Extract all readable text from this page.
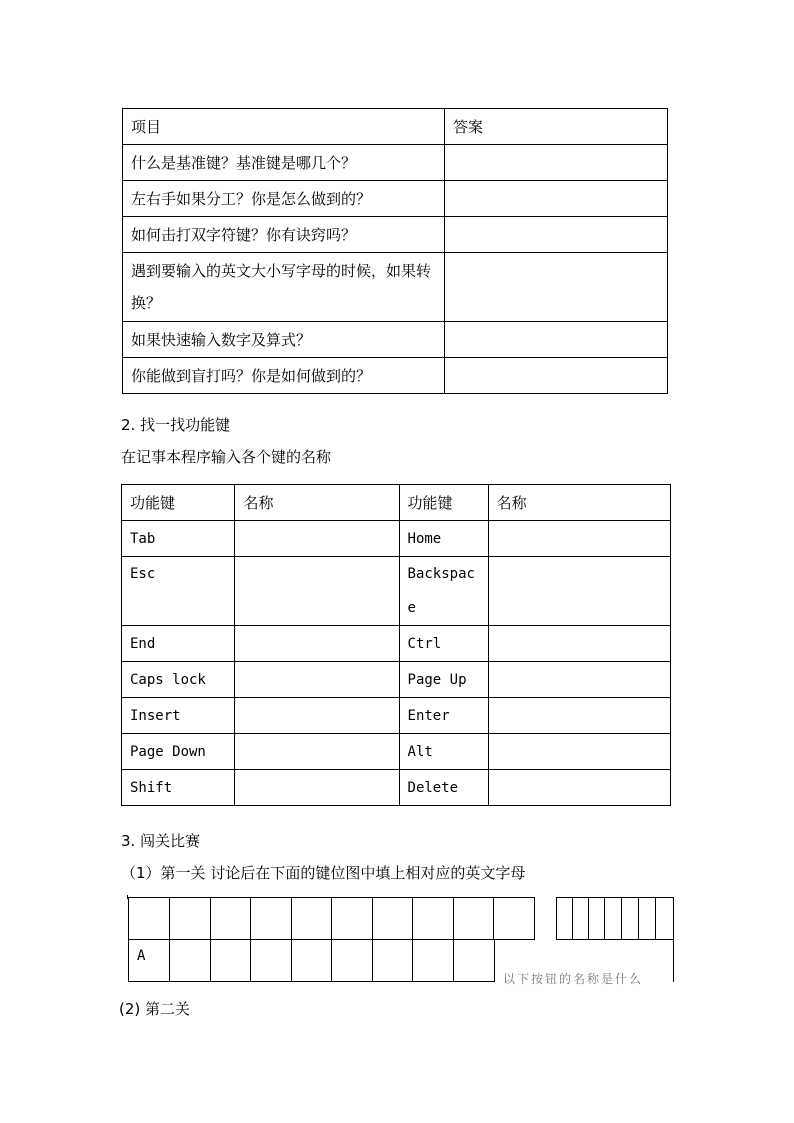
项目	答案
什么是基准键？基准键是哪几个？	
左右手如果分工？你是怎么做到的？	
如何击打双字符键？你有诀窍吗？	
遇到要输入的英文大小写字母的时候，如果转换？	
如果快速输入数字及算式？	
你能做到盲打吗？你是如何做到的？	
2. 找一找功能键
在记事本程序输入各个键的名称
功能键	名称	功能键	名称
Tab		Home	
Esc		Backspac
e	
End		Ctrl	
Caps lock		Page Up	
Insert		Enter	
Page Down		Alt	
Shift		Delete	
3. 闯关比赛
（1）第一关 讨论后在下面的键位图中填上相对应的英文字母
A
以下按钮的名称是什么
(2) 第二关
